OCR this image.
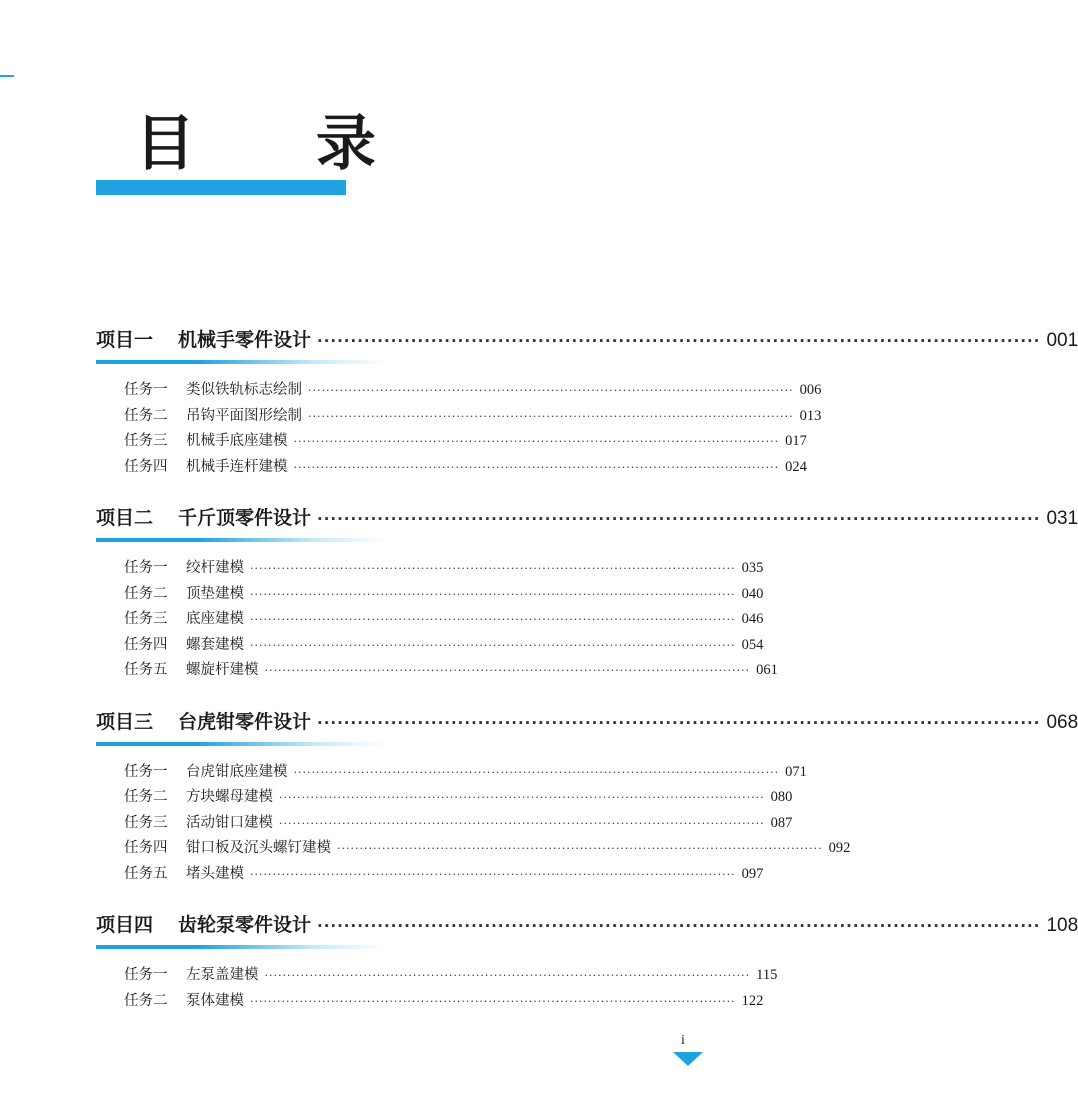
目 录
项目一	机械手零件设计 ············································································································ 001
任务一	类似铁轨标志绘制 ············································································································ 006
任务二	吊钩平面图形绘制 ············································································································ 013
任务三	机械手底座建模 ············································································································ 017
任务四	机械手连杆建模 ············································································································ 024
项目二	千斤顶零件设计 ············································································································ 031
任务一	绞杆建模 ············································································································ 035
任务二	顶垫建模 ············································································································ 040
任务三	底座建模 ············································································································ 046
任务四	螺套建模 ············································································································ 054
任务五	螺旋杆建模 ············································································································ 061
项目三	台虎钳零件设计 ············································································································ 068
任务一	台虎钳底座建模 ············································································································ 071
任务二	方块螺母建模 ············································································································ 080
任务三	活动钳口建模 ············································································································ 087
任务四	钳口板及沉头螺钉建模 ············································································································ 092
任务五	堵头建模 ············································································································ 097
项目四	齿轮泵零件设计 ············································································································ 108
任务一	左泵盖建模 ············································································································ 115
任务二	泵体建模 ············································································································ 122
i
